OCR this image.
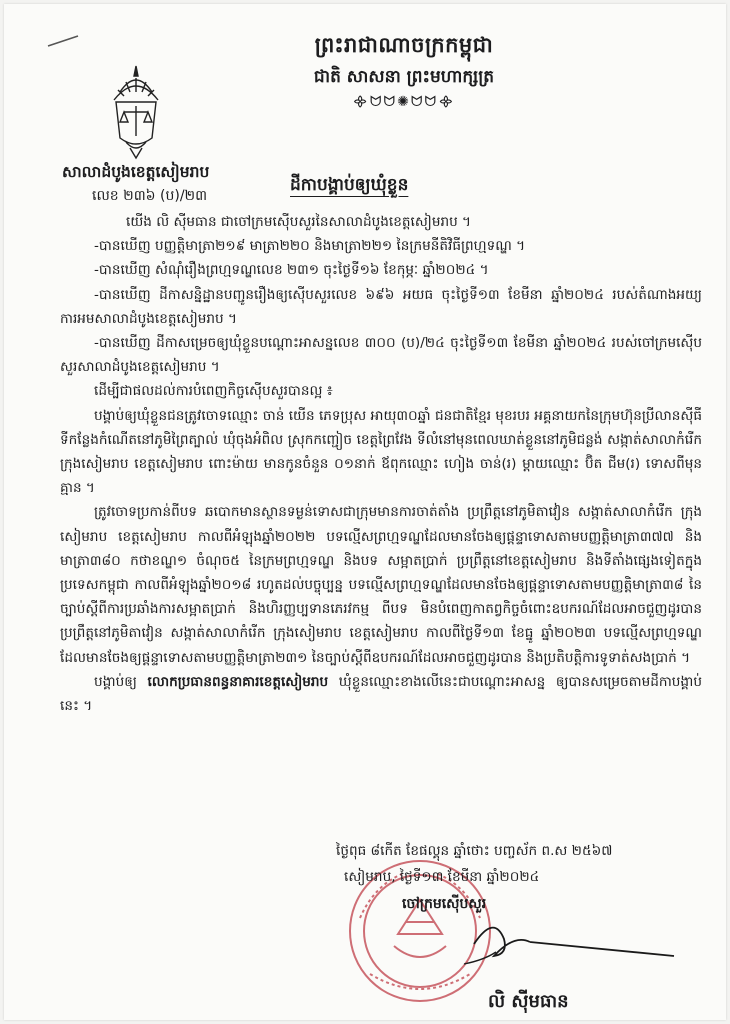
ព្រះរាជាណាចក្រកម្ពុជា
ជាតិ សាសនា ព្រះមហាក្សត្រ
᯽ᗢᗢ✺ᗢᗢ᯽
សាលាដំបូងខេត្តសៀមរាប
លេខ ២៣៦ (ប)/២៣
ដីកាបង្គាប់ឲ្យឃុំខ្លួន

យើង លិ ស៊ីមធាន ជាចៅក្រមស៊ើបសួរនៃសាលាដំបូងខេត្តសៀមរាប ។

-បានឃើញ បញ្ញត្តិមាត្រា២១៩ មាត្រា២២០ និងមាត្រា២២១ នៃក្រមនីតិវិធីព្រហ្មទណ្ឌ ។

-បានឃើញ សំណុំរឿងព្រហ្មទណ្ឌលេខ ២៣១ ចុះថ្ងៃទី១៦ ខែកុម្ភៈ ឆ្នាំ២០២៤ ។

-បានឃើញ ដីកាសន្និដ្ឋានបញ្ជូនរឿងឲ្យស៊ើបសួរលេខ ៦៩៦ អយធ ចុះថ្ងៃទី១៣ ខែមីនា ឆ្នាំ២០២៤ របស់តំណាងអយ្យការអមសាលាដំបូងខេត្តសៀមរាប ។

-បានឃើញ ដីកាសម្រេចឲ្យឃុំខ្លួនបណ្ដោះអាសន្នលេខ ៣០០ (ប)/២៤ ចុះថ្ងៃទី១៣ ខែមីនា ឆ្នាំ២០២៤ របស់ចៅក្រមស៊ើបសួរសាលាដំបូងខេត្តសៀមរាប ។

ដើម្បីជាផលដល់ការបំពេញកិច្ចស៊ើបសួរបានល្អ ៖

បង្គាប់ឲ្យឃុំខ្លួនជនត្រូវចោទឈ្មោះ ចាន់ យើន ភេទប្រុស អាយុ៣០ឆ្នាំ ជនជាតិខ្មែរ មុខរបរ អគ្គនាយកនៃក្រុមហ៊ុនប្រីលានស៊ីធី ទីកន្លែងកំណើតនៅភូមិព្រៃត្បាល់ ឃុំចុងអំពិល ស្រុកកញ្ជៀច ខេត្តព្រៃវែង ទីលំនៅមុនពេលឃាត់ខ្លួននៅភូមិជន្លង់ សង្កាត់សាលាកំរើក ក្រុងសៀមរាប ខេត្តសៀមរាប ពោះម៉ាយ មានកូនចំនួន ០១នាក់ ឪពុកឈ្មោះ ហៀង ចាន់(រ) ម្ដាយឈ្មោះ ប៊ិត ជីម(រ) ទោសពីមុនគ្មាន ។

ត្រូវចោទប្រកាន់ពីបទ ឆបោកមានស្ថានទម្ងន់ទោសជាក្រុមមានការចាត់តាំង ប្រព្រឹត្តនៅភូមិតាវៀន សង្កាត់សាលាកំរើក ក្រុងសៀមរាប ខេត្តសៀមរាប កាលពីអំឡុងឆ្នាំ២០២២ បទល្មើសព្រហ្មទណ្ឌដែលមានចែងឲ្យផ្ដន្ទាទោសតាមបញ្ញត្តិមាត្រា៣៧៧ និងមាត្រា៣៨០ កថាខណ្ឌ១ ចំណុច៥ នៃក្រមព្រហ្មទណ្ឌ និងបទ សម្អាតប្រាក់ ប្រព្រឹត្តនៅខេត្តសៀមរាប និងទីតាំងផ្សេងទៀតក្នុងប្រទេសកម្ពុជា កាលពីអំឡុងឆ្នាំ២០១៨ រហូតដល់បច្ចុប្បន្ន បទល្មើសព្រហ្មទណ្ឌដែលមានចែងឲ្យផ្ដន្ទាទោសតាមបញ្ញត្តិមាត្រា៣៨ នៃច្បាប់ស្ដីពីការប្រឆាំងការសម្អាតប្រាក់ និងហិរញ្ញប្បទានភេរវកម្ម ពីបទ មិនបំពេញកាតព្វកិច្ចចំពោះឧបករណ៍ដែលអាចជួញដូរបាន ប្រព្រឹត្តនៅភូមិតាវៀន សង្កាត់សាលាកំរើក ក្រុងសៀមរាប ខេត្តសៀមរាប កាលពីថ្ងៃទី១៣ ខែធ្នូ ឆ្នាំ២០២៣ បទល្មើសព្រហ្មទណ្ឌដែលមានចែងឲ្យផ្ដន្ទាទោសតាមបញ្ញត្តិមាត្រា២៣១ នៃច្បាប់ស្ដីពីឧបករណ៍ដែលអាចជួញដូរបាន និងប្រតិបត្តិការទូទាត់សងប្រាក់ ។

បង្គាប់ឲ្យ លោកប្រធានពន្ធនាគារខេត្តសៀមរាប ឃុំខ្លួនឈ្មោះខាងលើនេះជាបណ្ដោះអាសន្ន ឲ្យបានសម្រេចតាមដីកាបង្គាប់នេះ ។

ថ្ងៃពុធ ៨កើត ខែផល្គុន ឆ្នាំថោះ បញ្ចស័ក ព.ស ២៥៦៧
សៀមរាប, ថ្ងៃទី១៣ ខែមីនា ឆ្នាំ២០២៤
ចៅក្រមស៊ើបសួរ
លិ ស៊ីមធាន
